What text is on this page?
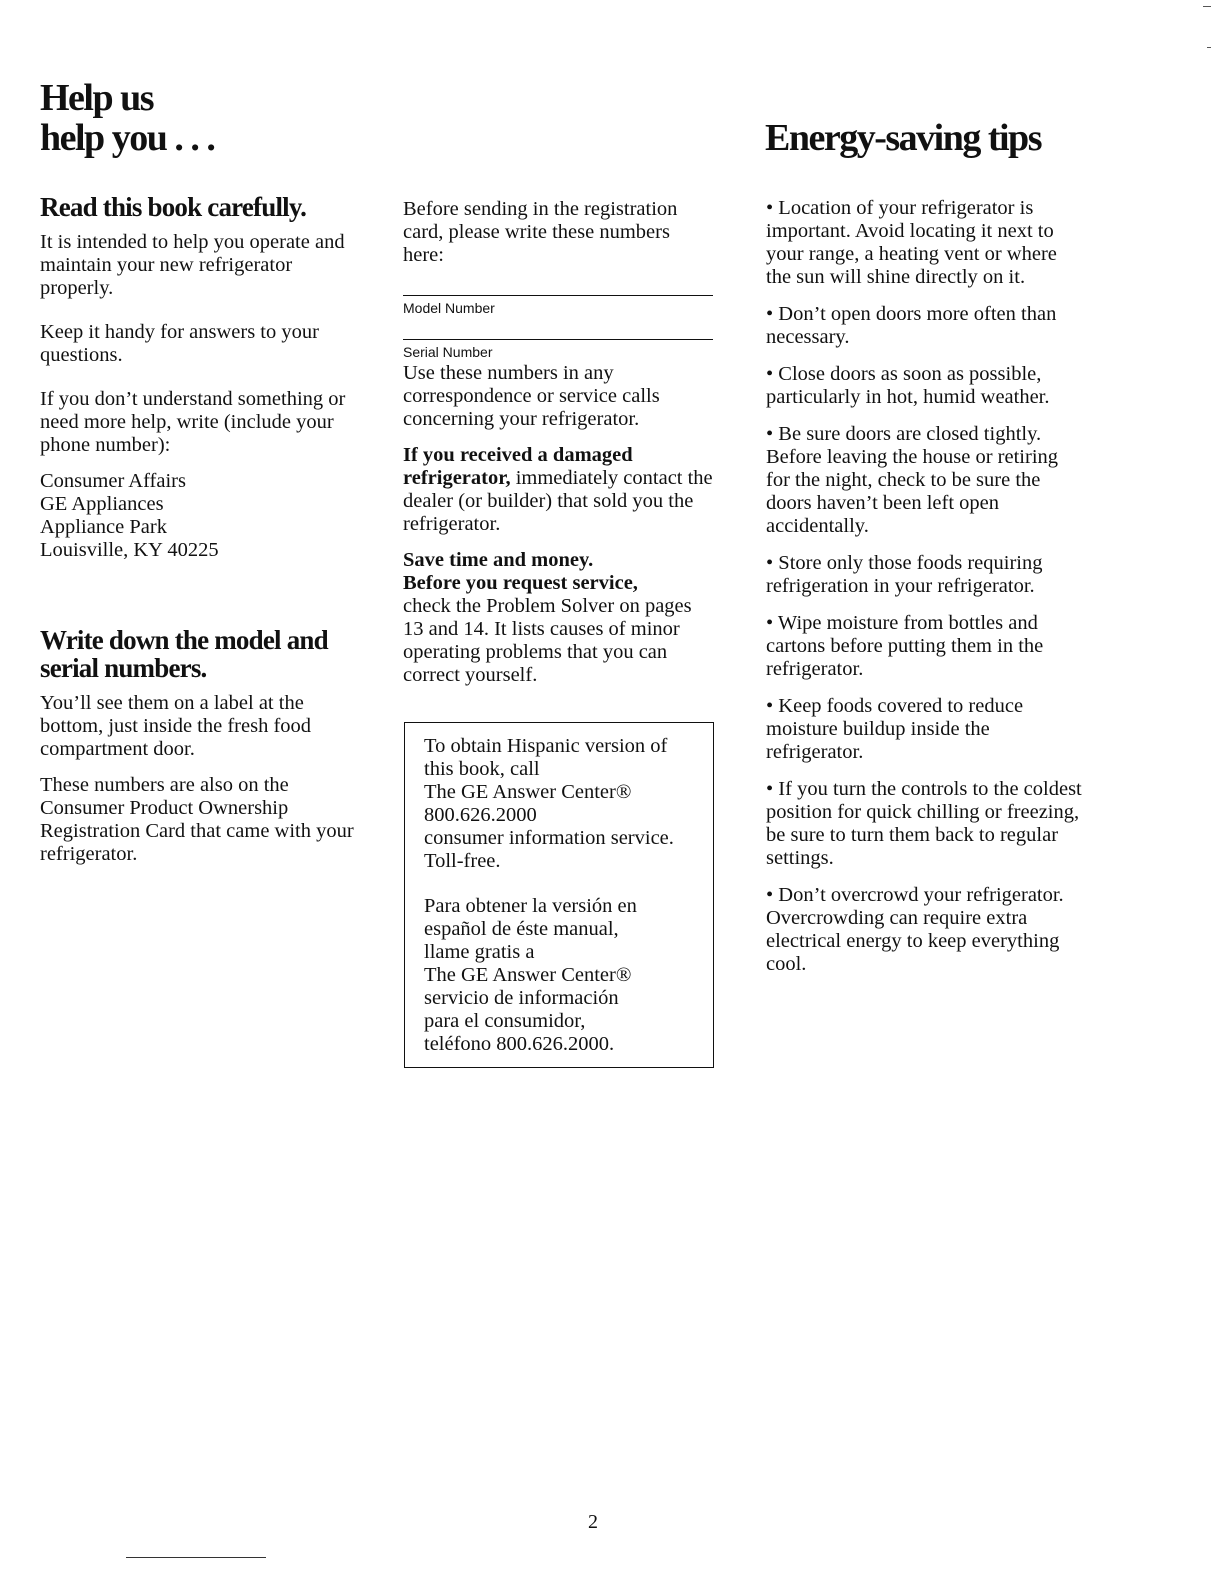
Help us
help you . . .	Energy-saving tips
Read this book carefully.

It is intended to help you operate and maintain your new refrigerator properly.

Keep it handy for answers to your questions.

If you don’t understand something or need more help, write (include your phone number):

Consumer Affairs

GE Appliances

Appliance Park

Louisville, KY 40225

Write down the model and serial numbers.

You’ll see them on a label at the bottom, just inside the fresh food compartment door.

These numbers are also on the Consumer Product Ownership Registration Card that came with your refrigerator.

Before sending in the registration card, please write these numbers here:

Model Number
Serial Number

Use these numbers in any correspondence or service calls concerning your refrigerator.

If you received a damaged refrigerator, immediately contact the dealer (or builder) that sold you the refrigerator.

Save time and money.

Before you request service,

check the Problem Solver on pages 13 and 14. It lists causes of minor operating problems that you can correct yourself.

To obtain Hispanic version of

this book, call

The GE Answer Center®

800.626.2000

consumer information service.

Toll-free.

Para obtener la versión en

español de éste manual,

llame gratis a

The GE Answer Center®

servicio de información

para el consumidor,

teléfono 800.626.2000.

• Location of your refrigerator is important. Avoid locating it next to your range, a heating vent or where the sun will shine directly on it.

• Don’t open doors more often than necessary.

• Close doors as soon as possible, particularly in hot, humid weather.

• Be sure doors are closed tightly. Before leaving the house or retiring for the night, check to be sure the doors haven’t been left open accidentally.

• Store only those foods requiring refrigeration in your refrigerator.

• Wipe moisture from bottles and cartons before putting them in the refrigerator.

• Keep foods covered to reduce moisture buildup inside the refrigerator.

• If you turn the controls to the coldest position for quick chilling or freezing, be sure to turn them back to regular settings.

• Don’t overcrowd your refrigerator. Overcrowding can require extra electrical energy to keep everything cool.

2
